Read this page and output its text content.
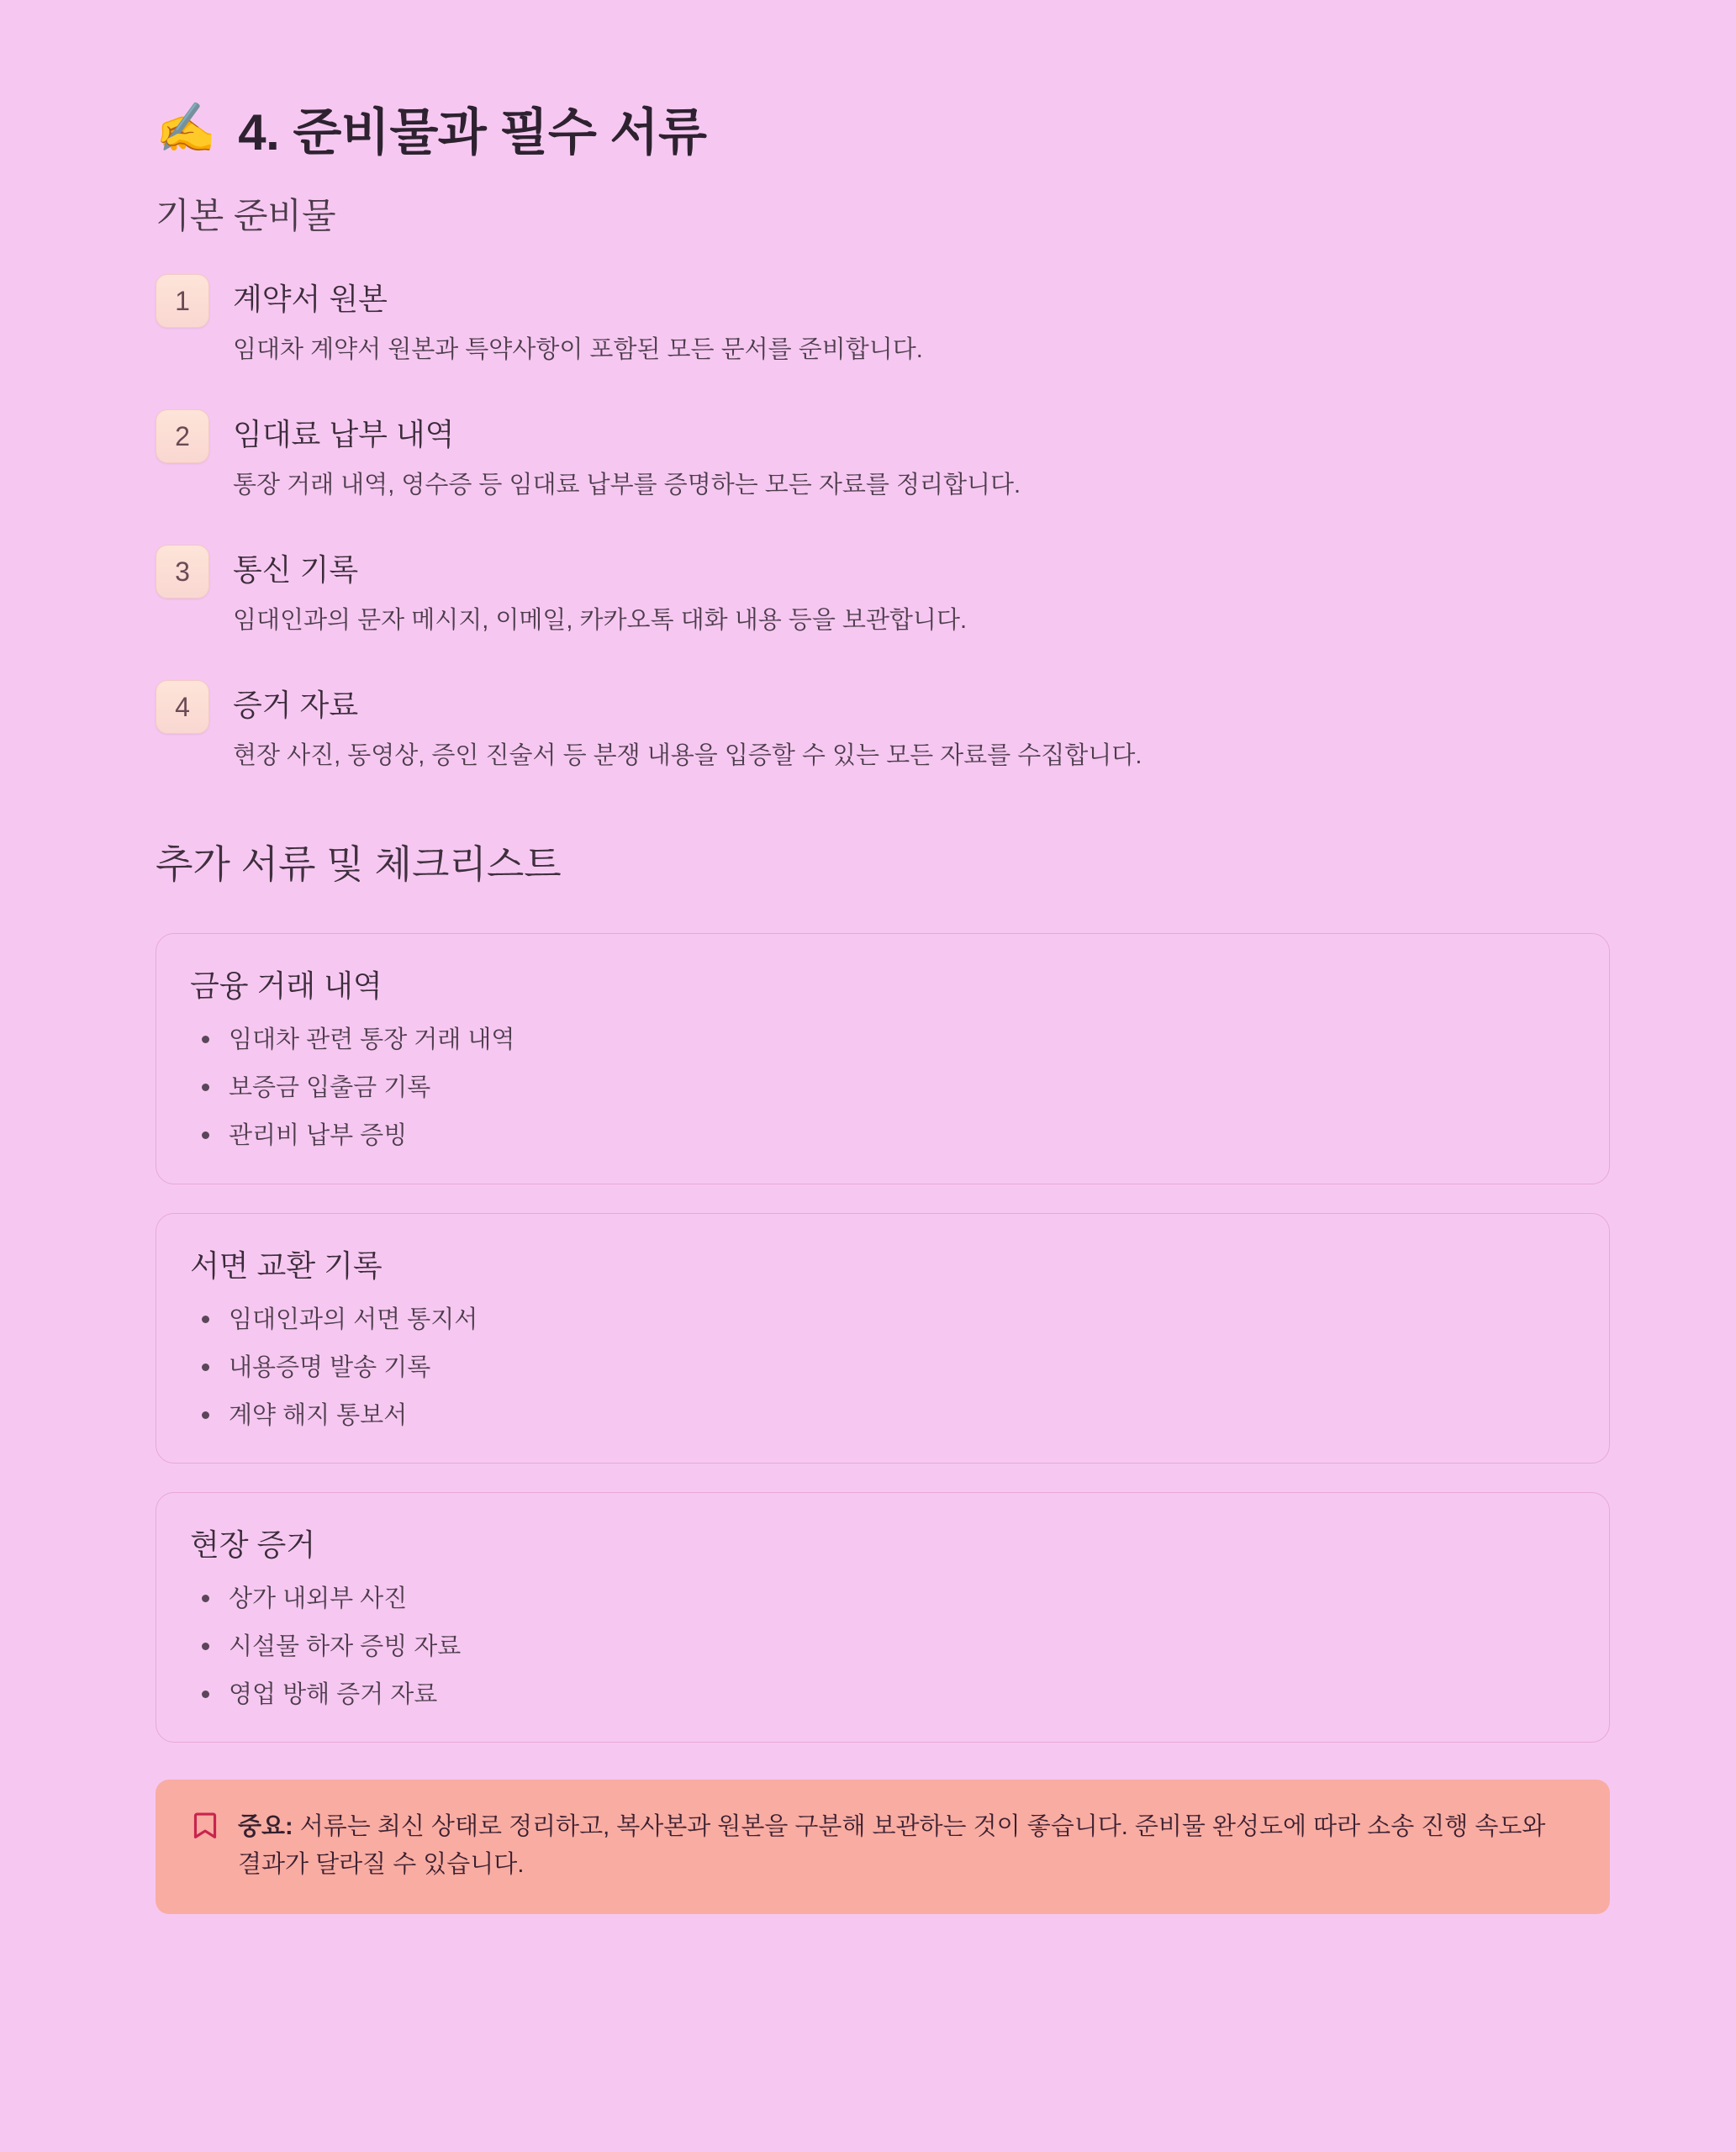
✍️ 4. 준비물과 필수 서류
기본 준비물
1	계약서 원본
임대차 계약서 원본과 특약사항이 포함된 모든 문서를 준비합니다.
2	임대료 납부 내역
통장 거래 내역, 영수증 등 임대료 납부를 증명하는 모든 자료를 정리합니다.
3	통신 기록
임대인과의 문자 메시지, 이메일, 카카오톡 대화 내용 등을 보관합니다.
4	증거 자료
현장 사진, 동영상, 증인 진술서 등 분쟁 내용을 입증할 수 있는 모든 자료를 수집합니다.
추가 서류 및 체크리스트
금융 거래 내역
임대차 관련 통장 거래 내역
보증금 입출금 기록
관리비 납부 증빙
서면 교환 기록
임대인과의 서면 통지서
내용증명 발송 기록
계약 해지 통보서
현장 증거
상가 내외부 사진
시설물 하자 증빙 자료
영업 방해 증거 자료
중요: 서류는 최신 상태로 정리하고, 복사본과 원본을 구분해 보관하는 것이 좋습니다. 준비물 완성도에 따라 소송 진행 속도와 결과가 달라질 수 있습니다.
